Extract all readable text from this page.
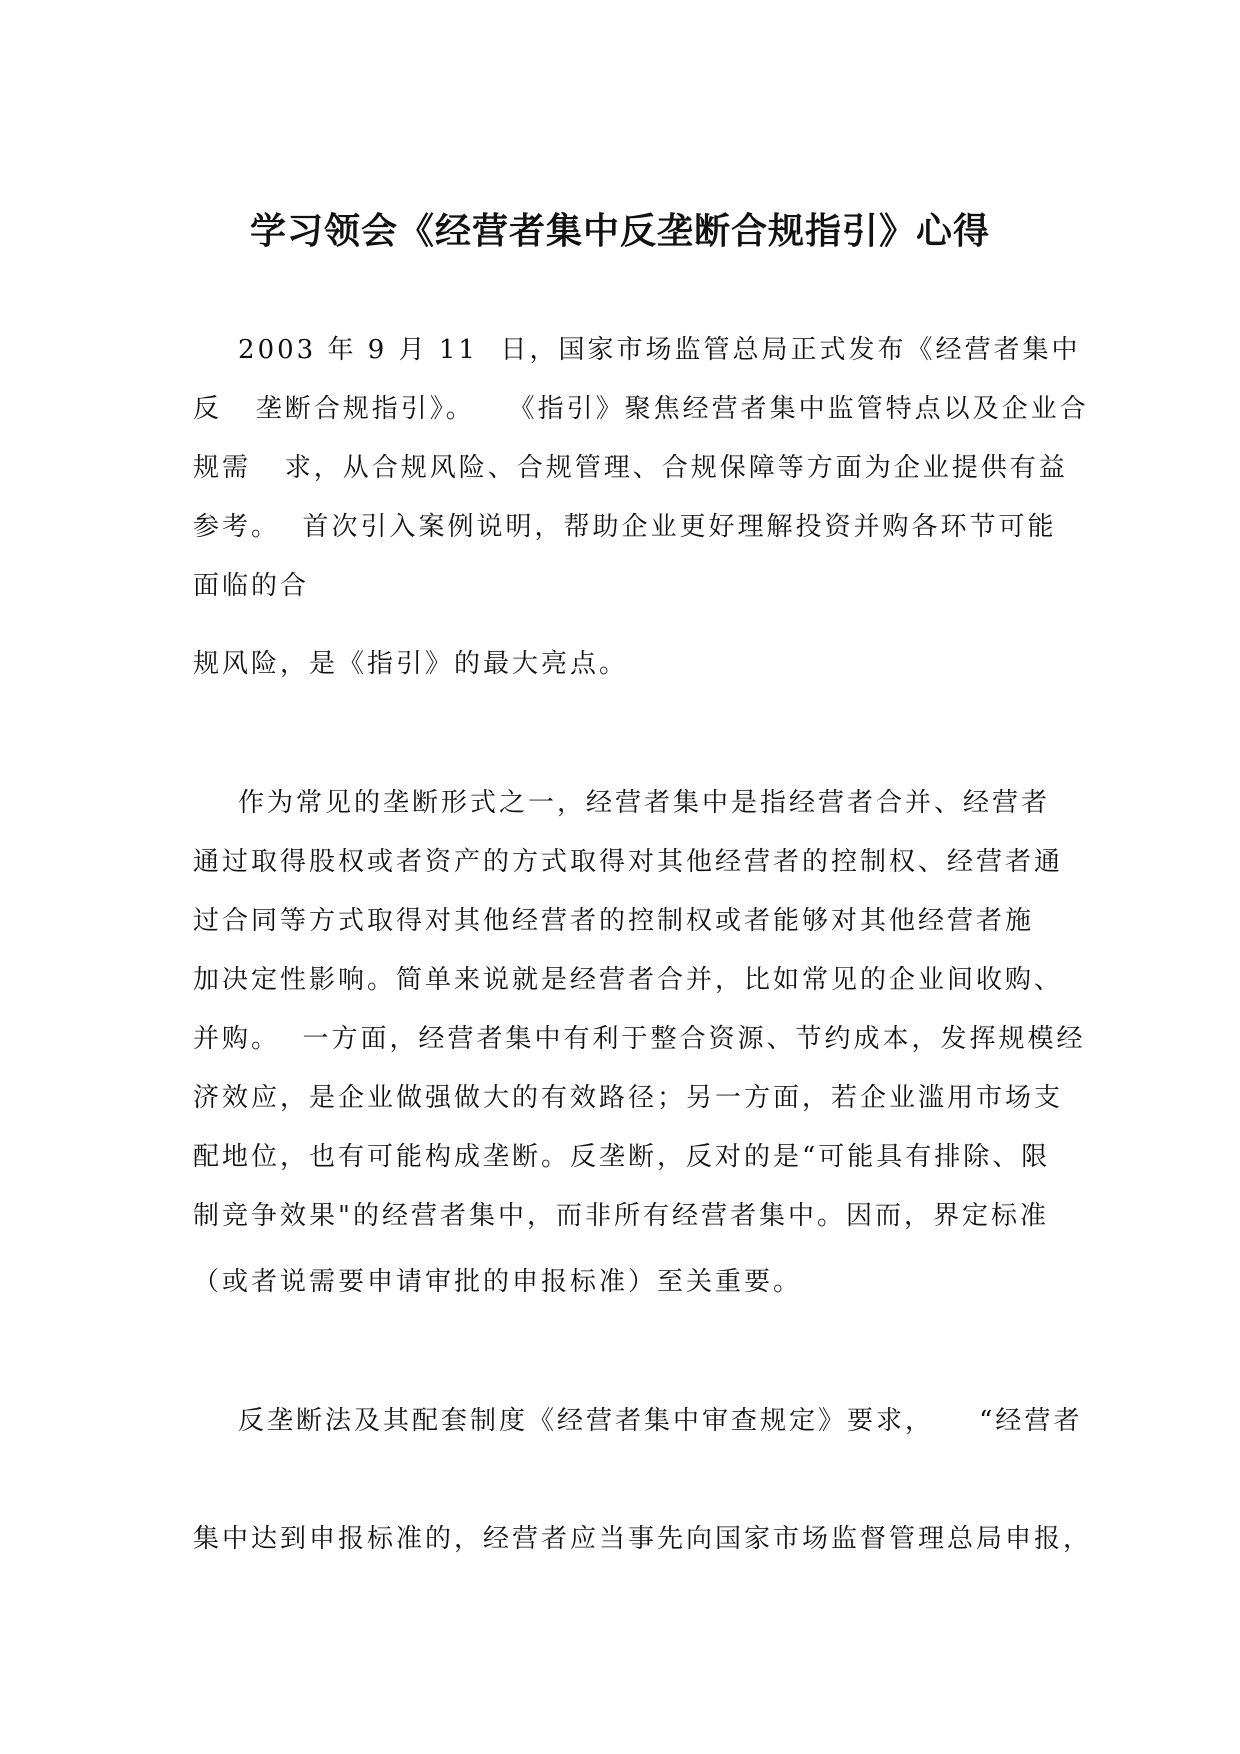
学习领会《经营者集中反垄断合规指引》心得
2003 年 9 月 11  日，国家市场监管总局正式发布《经营者集中
反   垄断合规指引》。   《指引》聚焦经营者集中监管特点以及企业合
规需   求，从合规风险、合规管理、合规保障等方面为企业提供有益
参考。  首次引入案例说明，帮助企业更好理解投资并购各环节可能
面临的合
规风险，是《指引》的最大亮点。
作为常见的垄断形式之一，经营者集中是指经营者合并、经营者
通过取得股权或者资产的方式取得对其他经营者的控制权、经营者通
过合同等方式取得对其他经营者的控制权或者能够对其他经营者施
加决定性影响。简单来说就是经营者合并，比如常见的企业间收购、
并购。  一方面，经营者集中有利于整合资源、节约成本，发挥规模经
济效应，是企业做强做大的有效路径；另一方面，若企业滥用市场支
配地位，也有可能构成垄断。反垄断，反对的是“可能具有排除、限
制竞争效果"的经营者集中，而非所有经营者集中。因而，界定标准
（或者说需要申请审批的申报标准）至关重要。
反垄断法及其配套制度《经营者集中审查规定》要求，    “经营者
集中达到申报标准的，经营者应当事先向国家市场监督管理总局申报，
